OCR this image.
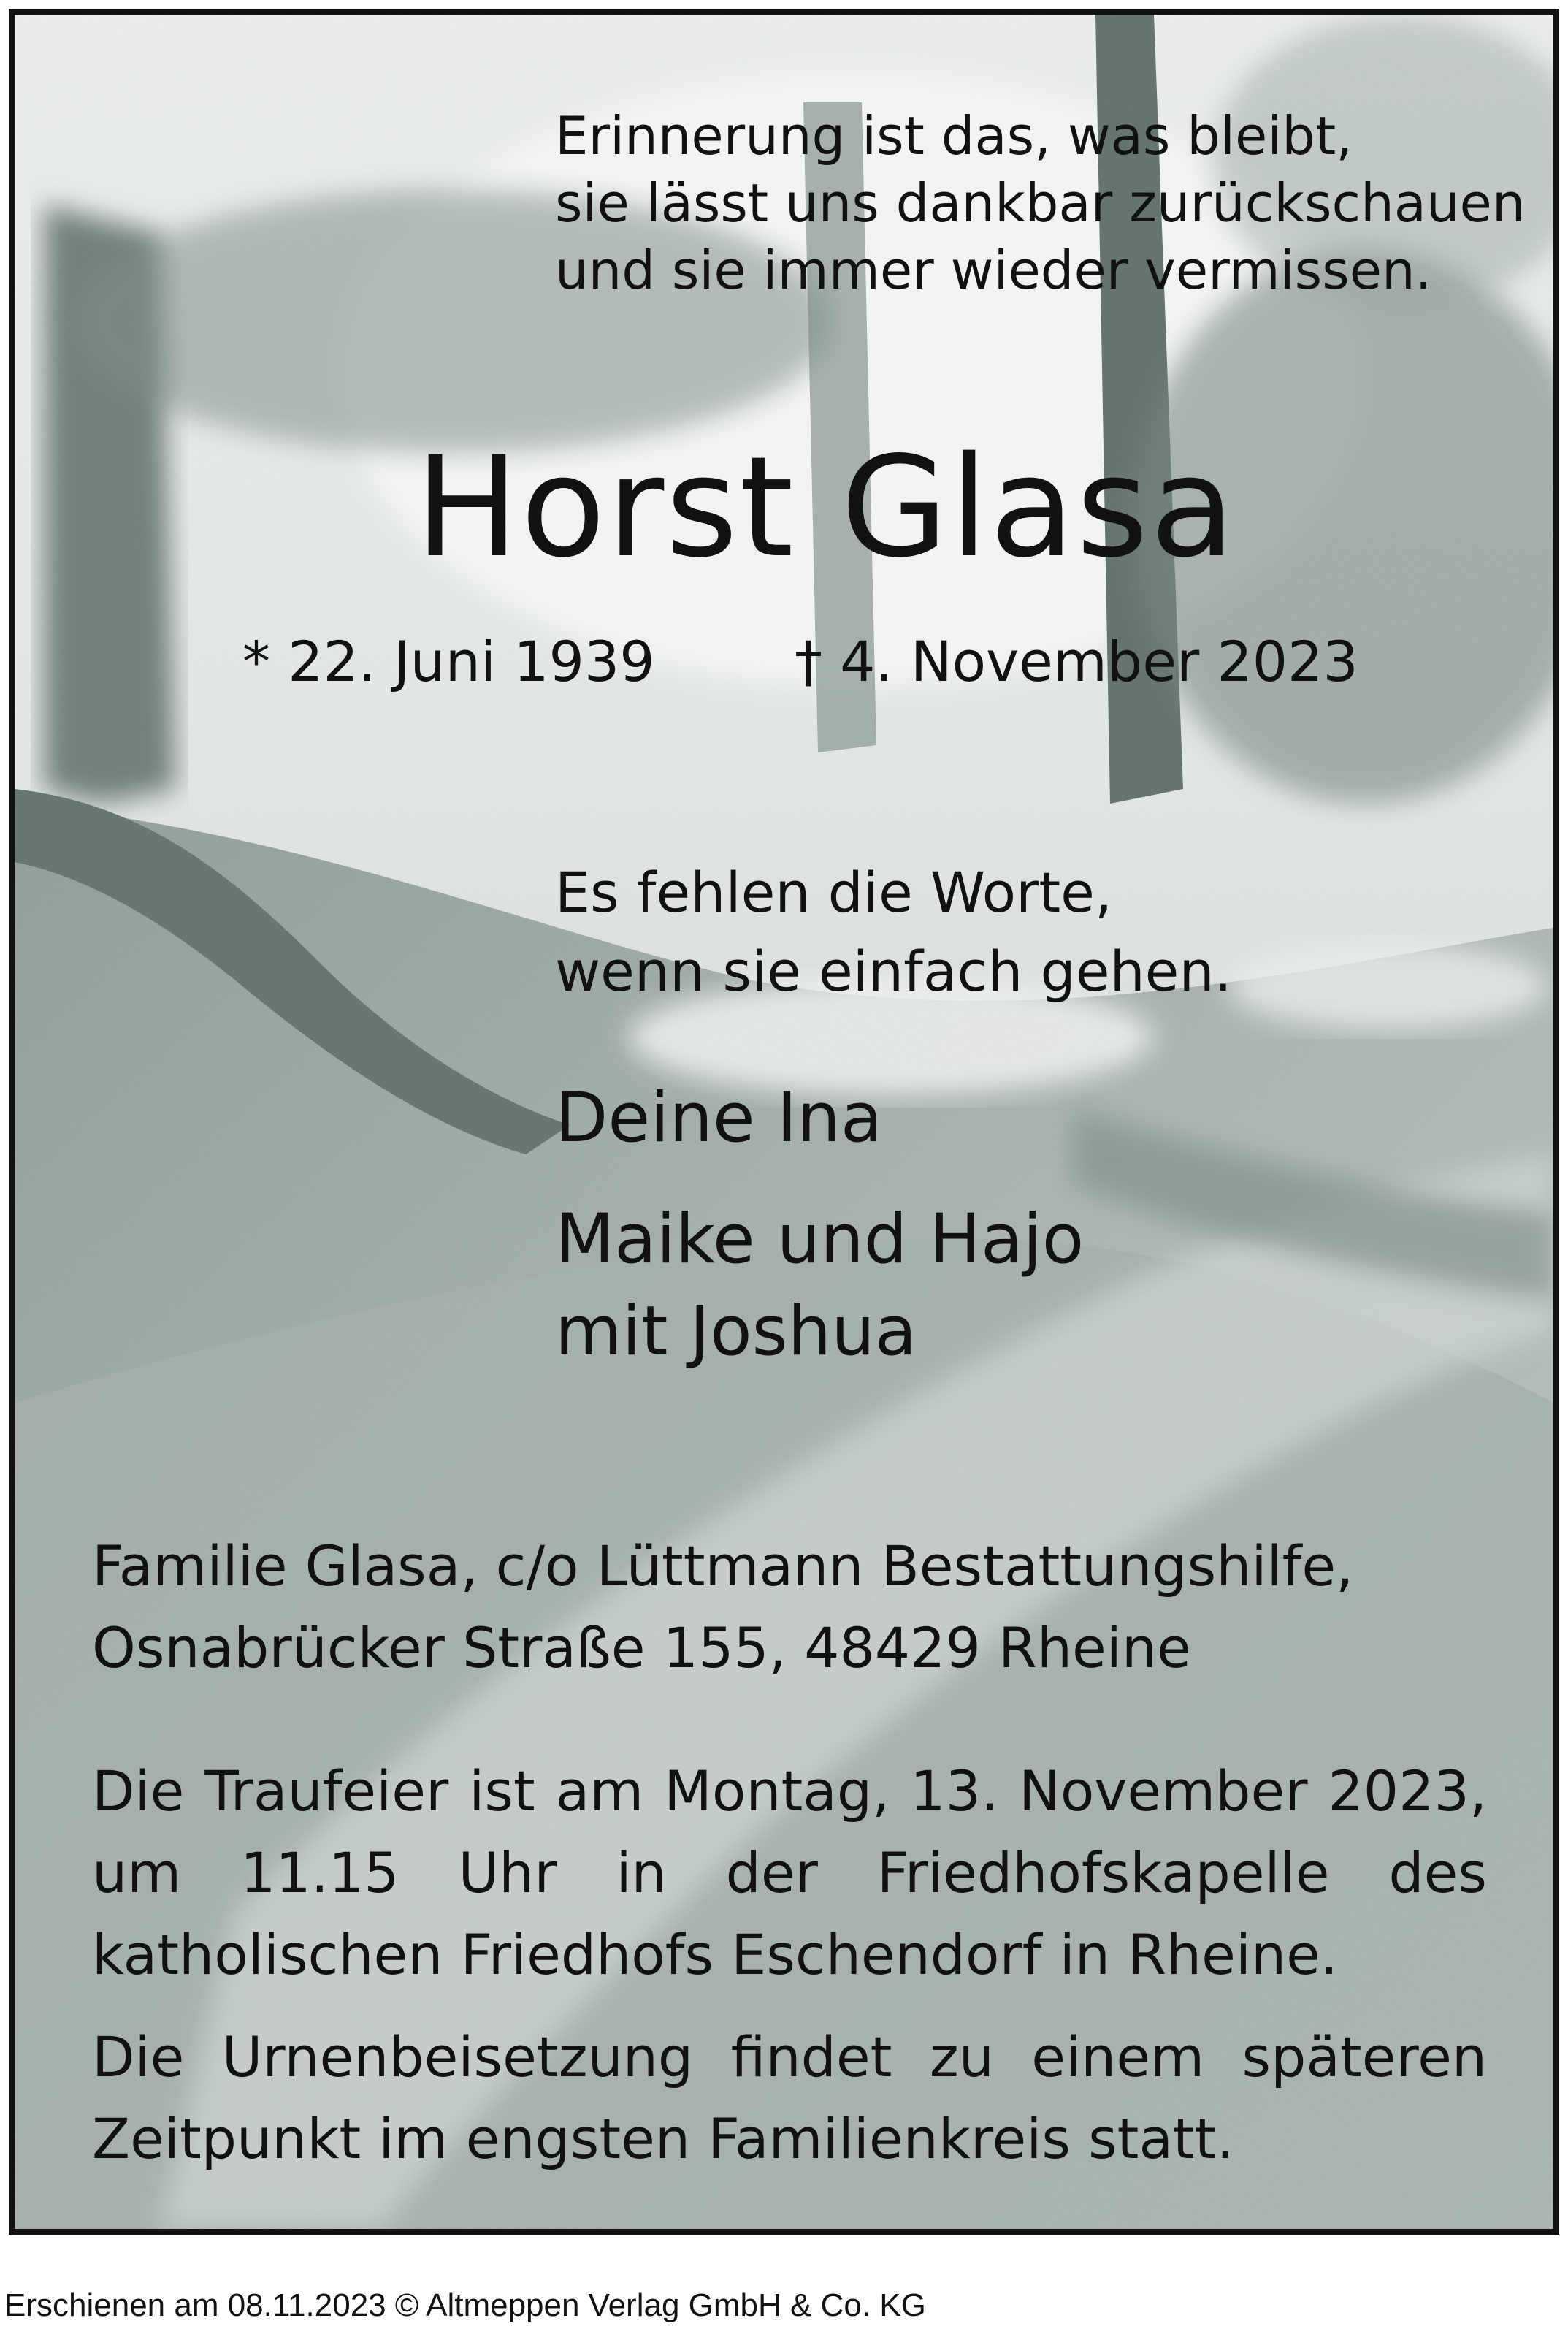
Erinnerung ist das, was bleibt,
sie lässt uns dankbar zurückschauen
und sie immer wieder vermissen.
Horst Glasa
* 22. Juni 1939	† 4. November 2023
Es fehlen die Worte,
wenn sie einfach gehen.
Deine Ina
Maike und Hajo
mit Joshua
Familie Glasa, c/o Lüttmann Bestattungshilfe,
Osnabrücker Straße 155, 48429 Rheine
Die Traufeier ist am Montag, 13. November 2023, um 11.15 Uhr in der Friedhofskapelle des katholischen Friedhofs Eschendorf in Rheine.
Die Urnenbeisetzung findet zu einem späteren Zeitpunkt im engsten Familienkreis statt.
Erschienen am 08.11.2023 © Altmeppen Verlag GmbH & Co. KG
